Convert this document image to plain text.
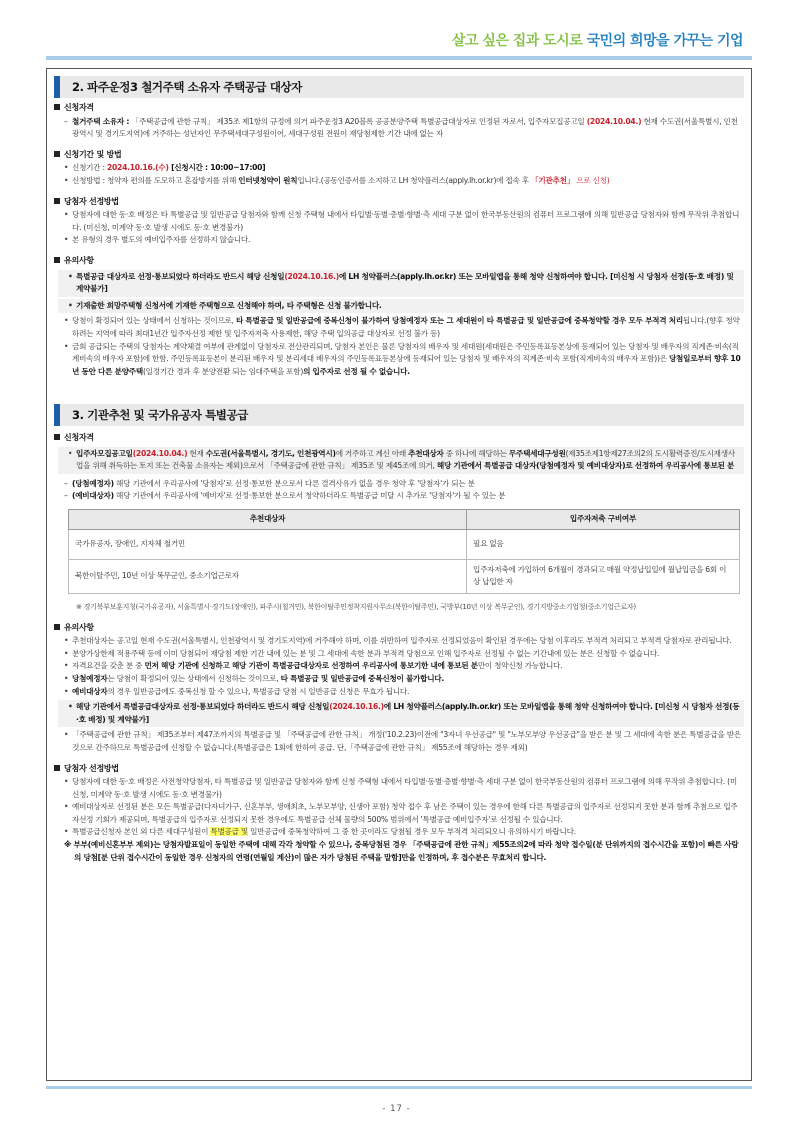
살고 싶은 집과 도시로 국민의 희망을 가꾸는 기업
2. 파주운정3 철거주택 소유자 주택공급 대상자
신청자격
– 철거주택 소유자 : 「주택공급에 관한 규칙」 제35조 제1항의 규정에 의거 파주운정3 A20블록 공공분양주택 특별공급대상자로 인정된 자로서, 입주자모집공고일 (2024.10.04.) 현재 수도권(서울특별시, 인천광역시 및 경기도지역)에 거주하는 성년자인 무주택세대구성원이어, 세대구성원 전원이 재당첨제한 기간 내에 없는 자
신청기간 및 방법
• 신청기간 : 2024.10.16.(수) [신청시간 : 10:00~17:00]
• 신청방법 : 청약자 편의를 도모하고 혼잡방지를 위해 인터넷청약이 원칙입니다.(공동인증서를 소지하고 LH 청약플러스(apply.lh.or.kr)에 접속 후 「기관추천」 으로 신청)
당첨자 선정방법
• 당첨자에 대한 동·호 배정은 타 특별공급 및 일반공급 당첨자와 함께 신청 주택형 내에서 타입별·동별·층별·향별·측 세대 구분 없이 한국부동산원의 컴퓨터 프로그램에 의해 일반공급 당첨자와 함께 무작위 추첨합니다. (미신청, 미계약 동·호 발생 시에도 동·호 변경불가)
• 본 유형의 경우 별도의 예비입주자를 선정하지 않습니다.
유의사항
• 특별공급 대상자로 선정·통보되었다 하더라도 반드시 해당 신청일(2024.10.16.)에 LH 청약플러스(apply.lh.or.kr) 또는 모바일앱을 통해 청약 신청하여야 합니다. [미신청 시 당첨자 선정(동·호 배정) 및 계약불가]
• 기재출한 희망주택형 신청서에 기재한 주택형으로 신청해야 하며, 타 주택형은 신청 불가합니다.
• 당첨이 확정되어 있는 상태에서 신청하는 것이므로, 타 특별공급 및 일반공급에 중복신청이 불가하여 당첨예정자 또는 그 세대원이 타 특별공급 및 일반공급에 중복청약할 경우 모두 부적격 처리됩니다.(향후 청약하려는 지역에 따라 최대1년간 입주자선정 제한 및 입주자저축 사용제한, 해당 주택 입의공급 대상자로 선정 불가 등)
• 금회 공급되는 주택의 당첨자는 계약체결 여부에 관계없이 당첨자로 전산관리되며, 당첨자 본인은 물론 당첨자의 배우자 및 세대원(세대원은 주민등록표등본상에 등재되어 있는 당첨자 및 배우자의 직계존·비속(직계비속의 배우자 포함)에 한함. 주민등록표등본이 분리된 배우자 및 분리세대 배우자의 주민등록표등본상에 등재되어 있는 당첨자 및 배우자의 직계존·비속 포함(직계비속의 배우자 포함))은 당첨일로부터 향후 10년 동안 다른 분양주택(일정기간 경과 후 분양전환 되는 임대주택을 포함)의 입주자로 선정 될 수 없습니다.
3. 기관추천 및 국가유공자 특별공급
신청자격
• 입주자모집공고일(2024.10.04.) 현재 수도권(서울특별시, 경기도, 인천광역시)에 거주하고 계신 아래 추천대상자 중 하나에 해당하는 무주택세대구성원(제35조제1항제27조의2의 도시활력증진/도시재생사업을 위해 취득하는 토지 또는 건축물 소유자는 제외)으로서 「주택공급에 관한 규칙」 제35조 및 제45조에 의거, 해당 기관에서 특별공급 대상자(당첨예정자 및 예비대상자)로 선정하여 우리공사에 통보된 분
– (당첨예정자) 해당 기관에서 우리공사에 '당첨자'로 선정·통보한 분으로서 다른 결격사유가 없을 경우 청약 후 '당첨자'가 되는 분
– (예비대상자) 해당 기관에서 우리공사에 '예비자'로 선정·통보한 분으로서 청약하더라도 특별공급 미달 시 추가로 '당첨자'가 될 수 있는 분
추천대상자	입주자저축 구비여부
국가유공자, 장애인, 지자체 철거민	필요 없음
북한이탈주민, 10년 이상 복무군인, 중소기업근로자	입주자저축에 가입하여 6개월이 경과되고 매월 약정납입일에 월납입금을 6회 이상 납입한 자
※ 경기북부보훈지청(국가유공자), 서울특별시·경기도(장애인), 파주시(철거민), 북한이탈주민정착지원사무소(북한이탈주민), 국방부(10년 이상 복무군인), 경기지방중소기업청(중소기업근로자)
유의사항
• 추천대상자는 공고일 현재 수도권(서울특별시, 인천광역시 및 경기도지역)에 거주해야 하며, 이를 위반하여 입주자로 선정되었음이 확인된 경우에는 당첨 이후라도 부적격 처리되고 부적격 당첨자로 관리됩니다.
• 분양가상한제 적용주택 등에 이미 당첨되어 재당첨 제한 기간 내에 있는 분 및 그 세대에 속한 분과 부적격 당첨으로 인해 입주자로 선정될 수 없는 기간내에 있는 분은 신청할 수 없습니다.
• 자격요건을 갖춘 분 중 먼저 해당 기관에 신청하고 해당 기관이 특별공급대상자로 선정하여 우리공사에 통보기한 내에 통보된 분만이 청약신청 가능합니다.
• 당첨예정자는 당첨이 확정되어 있는 상태에서 신청하는 것이므로, 타 특별공급 및 일반공급에 중복신청이 불가합니다.
• 예비대상자의 경우 일반공급에도 중복신청 할 수 있으나, 특별공급 당첨 시 일반공급 신청은 무효가 됩니다.
• 해당 기관에서 특별공급대상자로 선정·통보되었다 하더라도 반드시 해당 신청일(2024.10.16.)에 LH 청약플러스(apply.lh.or.kr) 또는 모바일앱을 통해 청약 신청하여야 합니다. [미신청 시 당첨자 선정(동·호 배정) 및 계약불가]
• 「주택공급에 관한 규칙」 제35조부터 제47조까지의 특별공급 및 「주택공급에 관한 규칙」 개정('10.2.23)이전에 "3자녀 우선공급" 및 "노부모부양 우선공급"을 받은 분 및 그 세대에 속한 분은 특별공급을 받은 것으로 간주하므로 특별공급에 신청할 수 없습니다.(특별공급은 1회에 한하여 공급. 단,「주택공급에 관한 규칙」 제55조에 해당하는 경우 제외)
당첨자 선정방법
• 당첨자에 대한 동·호 배정은 사전청약당첨자, 타 특별공급 및 일반공급 당첨자와 함께 신청 주택형 내에서 타입별·동별·층별·향별·측 세대 구분 없이 한국부동산원의 컴퓨터 프로그램에 의해 무작위 추첨합니다. (미신청, 미계약 동·호 발생 시에도 동·호 변경불가)
• 예비대상자로 선정된 분은 모든 특별공급(다자녀가구, 신혼부부, 생애최초, 노부모부양, 신생아 포함) 청약 접수 후 남은 주택이 있는 경우에 한해 다른 특별공급의 입주자로 선정되지 못한 분과 함께 추첨으로 입주자선정 기회가 제공되며, 특별공급의 입주자로 선정되지 못한 경우에도 특별공급 선체 물량의 500% 범위에서 '특별공급 예비입주자'로 선정될 수 있습니다.
• 특별공급신청자 본인 외 다른 세대구성원이 특별공급 및 일반공급에 중복청약하여 그 중 한 곳이라도 당첨될 경우 모두 부적격 처리되오니 유의하시기 바랍니다.
※ 부부(예비신혼부부 제외)는 당첨자발표일이 동일한 주택에 대해 각각 청약할 수 있으나, 중복당첨된 경우 「주택공급에 관한 규칙」제55조의2에 따라 청약 접수일(분 단위까지의 접수시간을 포함)이 빠른 사람의 당첨[분 단위 접수시간이 동일한 경우 신청자의 연령(연월일 계산)이 많은 자가 당첨된 주택을 말함]만을 인정하며, 후 접수분은 무효처리 합니다.
- 17 -
